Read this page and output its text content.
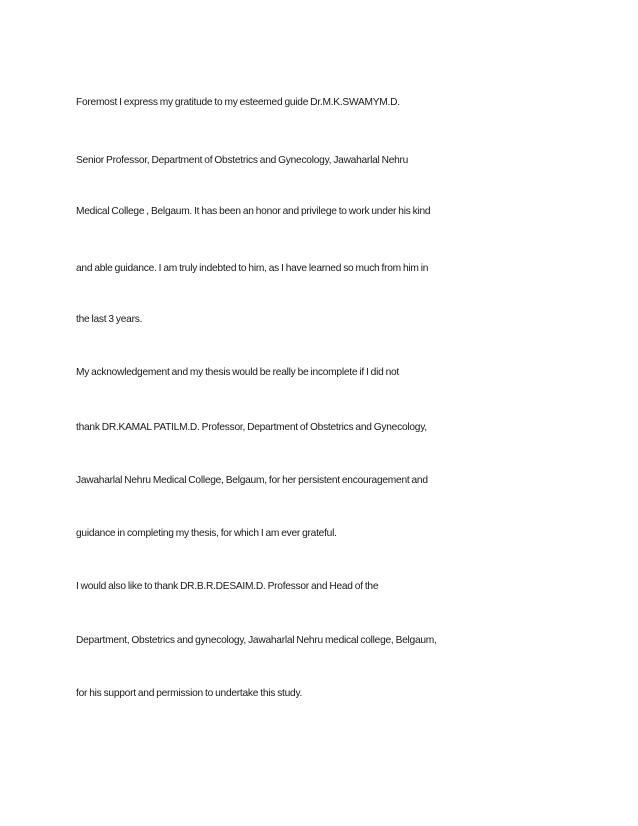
Foremost I express my gratitude to my esteemed guide Dr.M.K.SWAMYM.D.
Senior Professor, Department of Obstetrics and Gynecology, Jawaharlal Nehru
Medical College , Belgaum. It has been an honor and privilege to work under his kind
and able guidance. I am truly indebted to him, as I have learned so much from him in
the last 3 years.
My acknowledgement and my thesis would be really be incomplete if I did not
thank DR.KAMAL PATILM.D. Professor, Department of Obstetrics and Gynecology,
Jawaharlal Nehru Medical College, Belgaum, for her persistent encouragement and
guidance in completing my thesis, for which I am ever grateful.
I would also like to thank DR.B.R.DESAIM.D. Professor and Head of the
Department, Obstetrics and gynecology, Jawaharlal Nehru medical college, Belgaum,
for his support and permission to undertake this study.
